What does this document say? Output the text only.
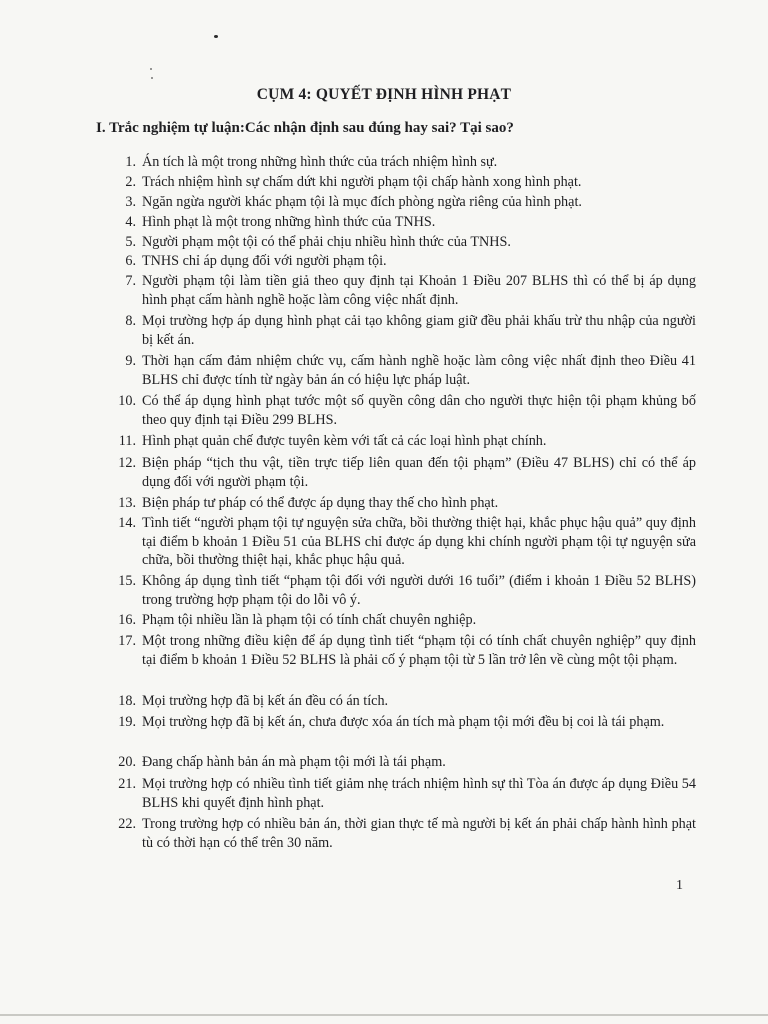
CỤM 4: QUYẾT ĐỊNH HÌNH PHẠT
I. Trắc nghiệm tự luận:Các nhận định sau đúng hay sai? Tại sao?
1. Án tích là một trong những hình thức của trách nhiệm hình sự.
2. Trách nhiệm hình sự chấm dứt khi người phạm tội chấp hành xong hình phạt.
3. Ngăn ngừa người khác phạm tội là mục đích phòng ngừa riêng của hình phạt.
4. Hình phạt là một trong những hình thức của TNHS.
5. Người phạm một tội có thể phải chịu nhiều hình thức của TNHS.
6. TNHS chỉ áp dụng đối với người phạm tội.
7. Người phạm tội làm tiền giả theo quy định tại Khoản 1 Điều 207 BLHS thì có thể bị áp dụng hình phạt cấm hành nghề hoặc làm công việc nhất định.
8. Mọi trường hợp áp dụng hình phạt cải tạo không giam giữ đều phải khấu trừ thu nhập của người bị kết án.
9. Thời hạn cấm đảm nhiệm chức vụ, cấm hành nghề hoặc làm công việc nhất định theo Điều 41 BLHS chỉ được tính từ ngày bản án có hiệu lực pháp luật.
10. Có thể áp dụng hình phạt tước một số quyền công dân cho người thực hiện tội phạm khủng bố theo quy định tại Điều 299 BLHS.
11. Hình phạt quản chế được tuyên kèm với tất cả các loại hình phạt chính.
12. Biện pháp “tịch thu vật, tiền trực tiếp liên quan đến tội phạm” (Điều 47 BLHS) chỉ có thể áp dụng đối với người phạm tội.
13. Biện pháp tư pháp có thể được áp dụng thay thế cho hình phạt.
14. Tình tiết “người phạm tội tự nguyện sửa chữa, bồi thường thiệt hại, khắc phục hậu quả” quy định tại điểm b khoản 1 Điều 51 của BLHS chỉ được áp dụng khi chính người phạm tội tự nguyện sửa chữa, bồi thường thiệt hại, khắc phục hậu quả.
15. Không áp dụng tình tiết “phạm tội đối với người dưới 16 tuổi” (điểm i khoản 1 Điều 52 BLHS) trong trường hợp phạm tội do lỗi vô ý.
16. Phạm tội nhiều lần là phạm tội có tính chất chuyên nghiệp.
17. Một trong những điều kiện để áp dụng tình tiết “phạm tội có tính chất chuyên nghiệp” quy định tại điểm b khoản 1 Điều 52 BLHS là phải cố ý phạm tội từ 5 lần trở lên về cùng một tội phạm.
18. Mọi trường hợp đã bị kết án đều có án tích.
19. Mọi trường hợp đã bị kết án, chưa được xóa án tích mà phạm tội mới đều bị coi là tái phạm.
20. Đang chấp hành bản án mà phạm tội mới là tái phạm.
21. Mọi trường hợp có nhiều tình tiết giảm nhẹ trách nhiệm hình sự thì Tòa án được áp dụng Điều 54 BLHS khi quyết định hình phạt.
22. Trong trường hợp có nhiều bản án, thời gian thực tế mà người bị kết án phải chấp hành hình phạt tù có thời hạn có thể trên 30 năm.
1
